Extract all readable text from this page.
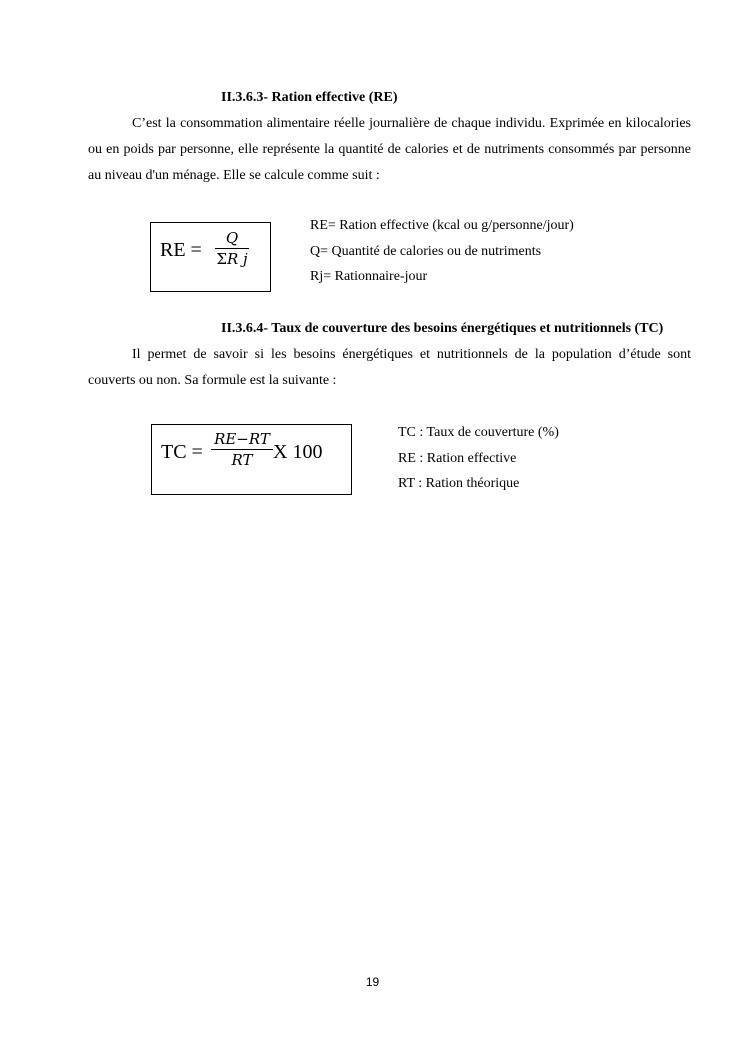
II.3.6.3- Ration effective (RE)

C’est la consommation alimentaire réelle journalière de chaque individu. Exprimée en kilocalories ou en poids par personne, elle représente la quantité de calories et de nutriments consommés par personne au niveau d'un ménage. Elle se calcule comme suit :

RE =
Q
ΣR j
RE= Ration effective (kcal ou g/personne/jour)
Q= Quantité de calories ou de nutriments
Rj= Rationnaire-jour
II.3.6.4- Taux de couverture des besoins énergétiques et nutritionnels (TC)

Il permet de savoir si les besoins énergétiques et nutritionnels de la population d’étude sont couverts ou non. Sa formule est la suivante :

TC =
RE−RT
RT	X 100
TC : Taux de couverture (%)
RE : Ration effective
RT : Ration théorique
19
